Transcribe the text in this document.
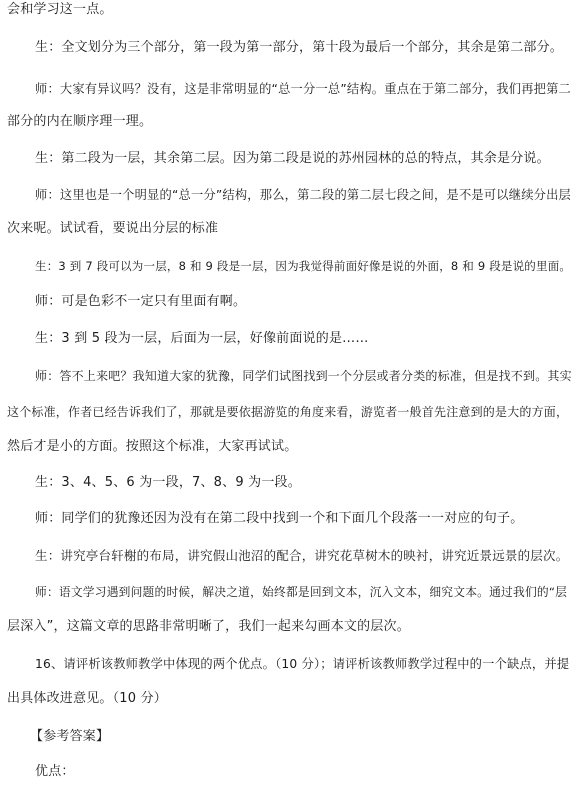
会和学习这一点。
生：全文划分为三个部分，第一段为第一部分，第十段为最后一个部分，其余是第二部分。
师：大家有异议吗？没有，这是非常明显的“总一分一总”结构。重点在于第二部分，我们再把第二
部分的内在顺序理一理。
生：第二段为一层，其余第二层。因为第二段是说的苏州园林的总的特点，其余是分说。
师：这里也是一个明显的“总一分”结构，那么，第二段的第二层七段之间，是不是可以继续分出层
次来呢。试试看，要说出分层的标准
生：3 到 7 段可以为一层，8 和 9 段是一层，因为我觉得前面好像是说的外面，8 和 9 段是说的里面。
师：可是色彩不一定只有里面有啊。
生：3 到 5 段为一层，后面为一层，好像前面说的是……
师：答不上来吧？我知道大家的犹豫，同学们试图找到一个分层或者分类的标准，但是找不到。其实
这个标准，作者已经告诉我们了，那就是要依据游览的角度来看，游览者一般首先注意到的是大的方面，
然后才是小的方面。按照这个标准，大家再试试。
生：3、4、5、6 为一段，7、8、9 为一段。
师：同学们的犹豫还因为没有在第二段中找到一个和下面几个段落一一对应的句子。
生：讲究亭台轩榭的布局，讲究假山池沼的配合，讲究花草树木的映衬，讲究近景远景的层次。
师：语文学习遇到问题的时候，解决之道，始终都是回到文本，沉入文本，细究文本。通过我们的“层
层深入”，这篇文章的思路非常明晰了，我们一起来勾画本文的层次。
16、请评析该教师教学中体现的两个优点。（10 分）；请评析该教师教学过程中的一个缺点，并提
出具体改进意见。（10 分）
【参考答案】
优点：
